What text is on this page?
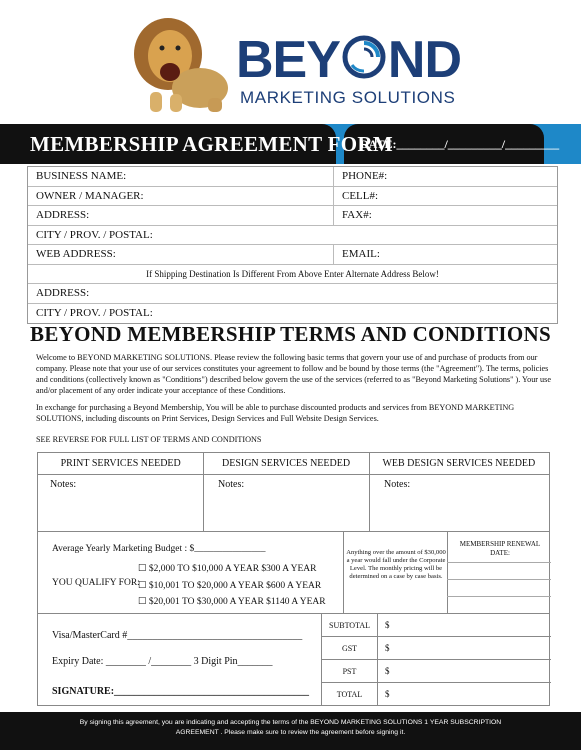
BEY ND
MARKETING SOLUTIONS
MEMBERSHIP AGREEMENT FORM
DATE:________/_________/_________
BUSINESS NAME:	PHONE#:
OWNER / MANAGER:	CELL#:
ADDRESS:	FAX#:
CITY / PROV. / POSTAL:
WEB ADDRESS:	EMAIL:
If Shipping Destination Is Different From Above Enter Alternate Address Below!
ADDRESS:
CITY / PROV. / POSTAL:
BEYOND MEMBERSHIP TERMS AND CONDITIONS
Welcome to BEYOND MARKETING SOLUTIONS. Please review the following basic terms that govern your use of and purchase of products from our company. Please note that your use of our services constitutes your agreement to follow and be bound by those terms (the "Agreement"). The terms, policies and conditions (collectively known as "Conditions") described below govern the use of the services (referred to as "Beyond Marketing Solutions" ). Your use and/or placement of any order indicate your acceptance of these Conditions.
In exchange for purchasing a Beyond Membership, You will be able to purchase discounted products and services from BEYOND MARKETING SOLUTIONS, including discounts on Print Services, Design Services and Full Website Design Services.
SEE REVERSE FOR FULL LIST OF TERMS AND CONDITIONS
PRINT SERVICES NEEDED	DESIGN SERVICES NEEDED	WEB DESIGN SERVICES NEEDED
Notes:	Notes:	Notes:
Average Yearly Marketing Budget : $_______________
YOU QUALIFY FOR:
☐ $2,000 TO $10,000 A YEAR $300 A YEAR
☐ $10,001 TO $20,000 A YEAR $600 A YEAR
☐ $20,001 TO $30,000 A YEAR $1140 A YEAR
Anything over the amount of $30,000 a year would fall under the Corporate Level. The monthly pricing will be determined on a case by case basis.
MEMBERSHIP RENEWAL DATE:
Visa/MasterCard #___________________________________
Expiry Date: ________ /________ 3 Digit Pin_______
SIGNATURE:_______________________________________
SUBTOTAL	$
GST	$
PST	$
TOTAL	$
By signing this agreement, you are indicating and accepting the terms of the BEYOND MARKETING SOLUTIONS 1 YEAR SUBSCRIPTION AGREEMENT . Please make sure to review the agreement before signing it.
